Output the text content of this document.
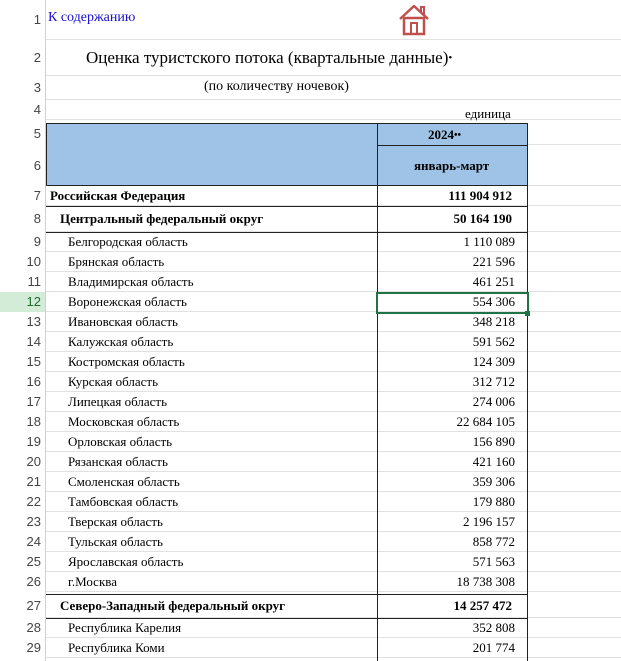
К содержанию
Оценка туристского потока (квартальные данные)•
(по количеству ночевок)
единица
2024••
январь-март
1
2
3
4
5
6
7
8
9
10
11
12
13
14
15
16
17
18
19
20
21
22
23
24
25
26
27
28
29
Российская Федерация	111 904 912
Центральный федеральный округ	50 164 190
Белгородская область	1 110 089
Брянская область	221 596
Владимирская область	461 251
Воронежская область	554 306
Ивановская область	348 218
Калужская область	591 562
Костромская область	124 309
Курская область	312 712
Липецкая область	274 006
Московская область	22 684 105
Орловская область	156 890
Рязанская область	421 160
Смоленская область	359 306
Тамбовская область	179 880
Тверская область	2 196 157
Тульская область	858 772
Ярославская область	571 563
г.Москва	18 738 308
Северо-Западный федеральный округ	14 257 472
Республика Карелия	352 808
Республика Коми	201 774
